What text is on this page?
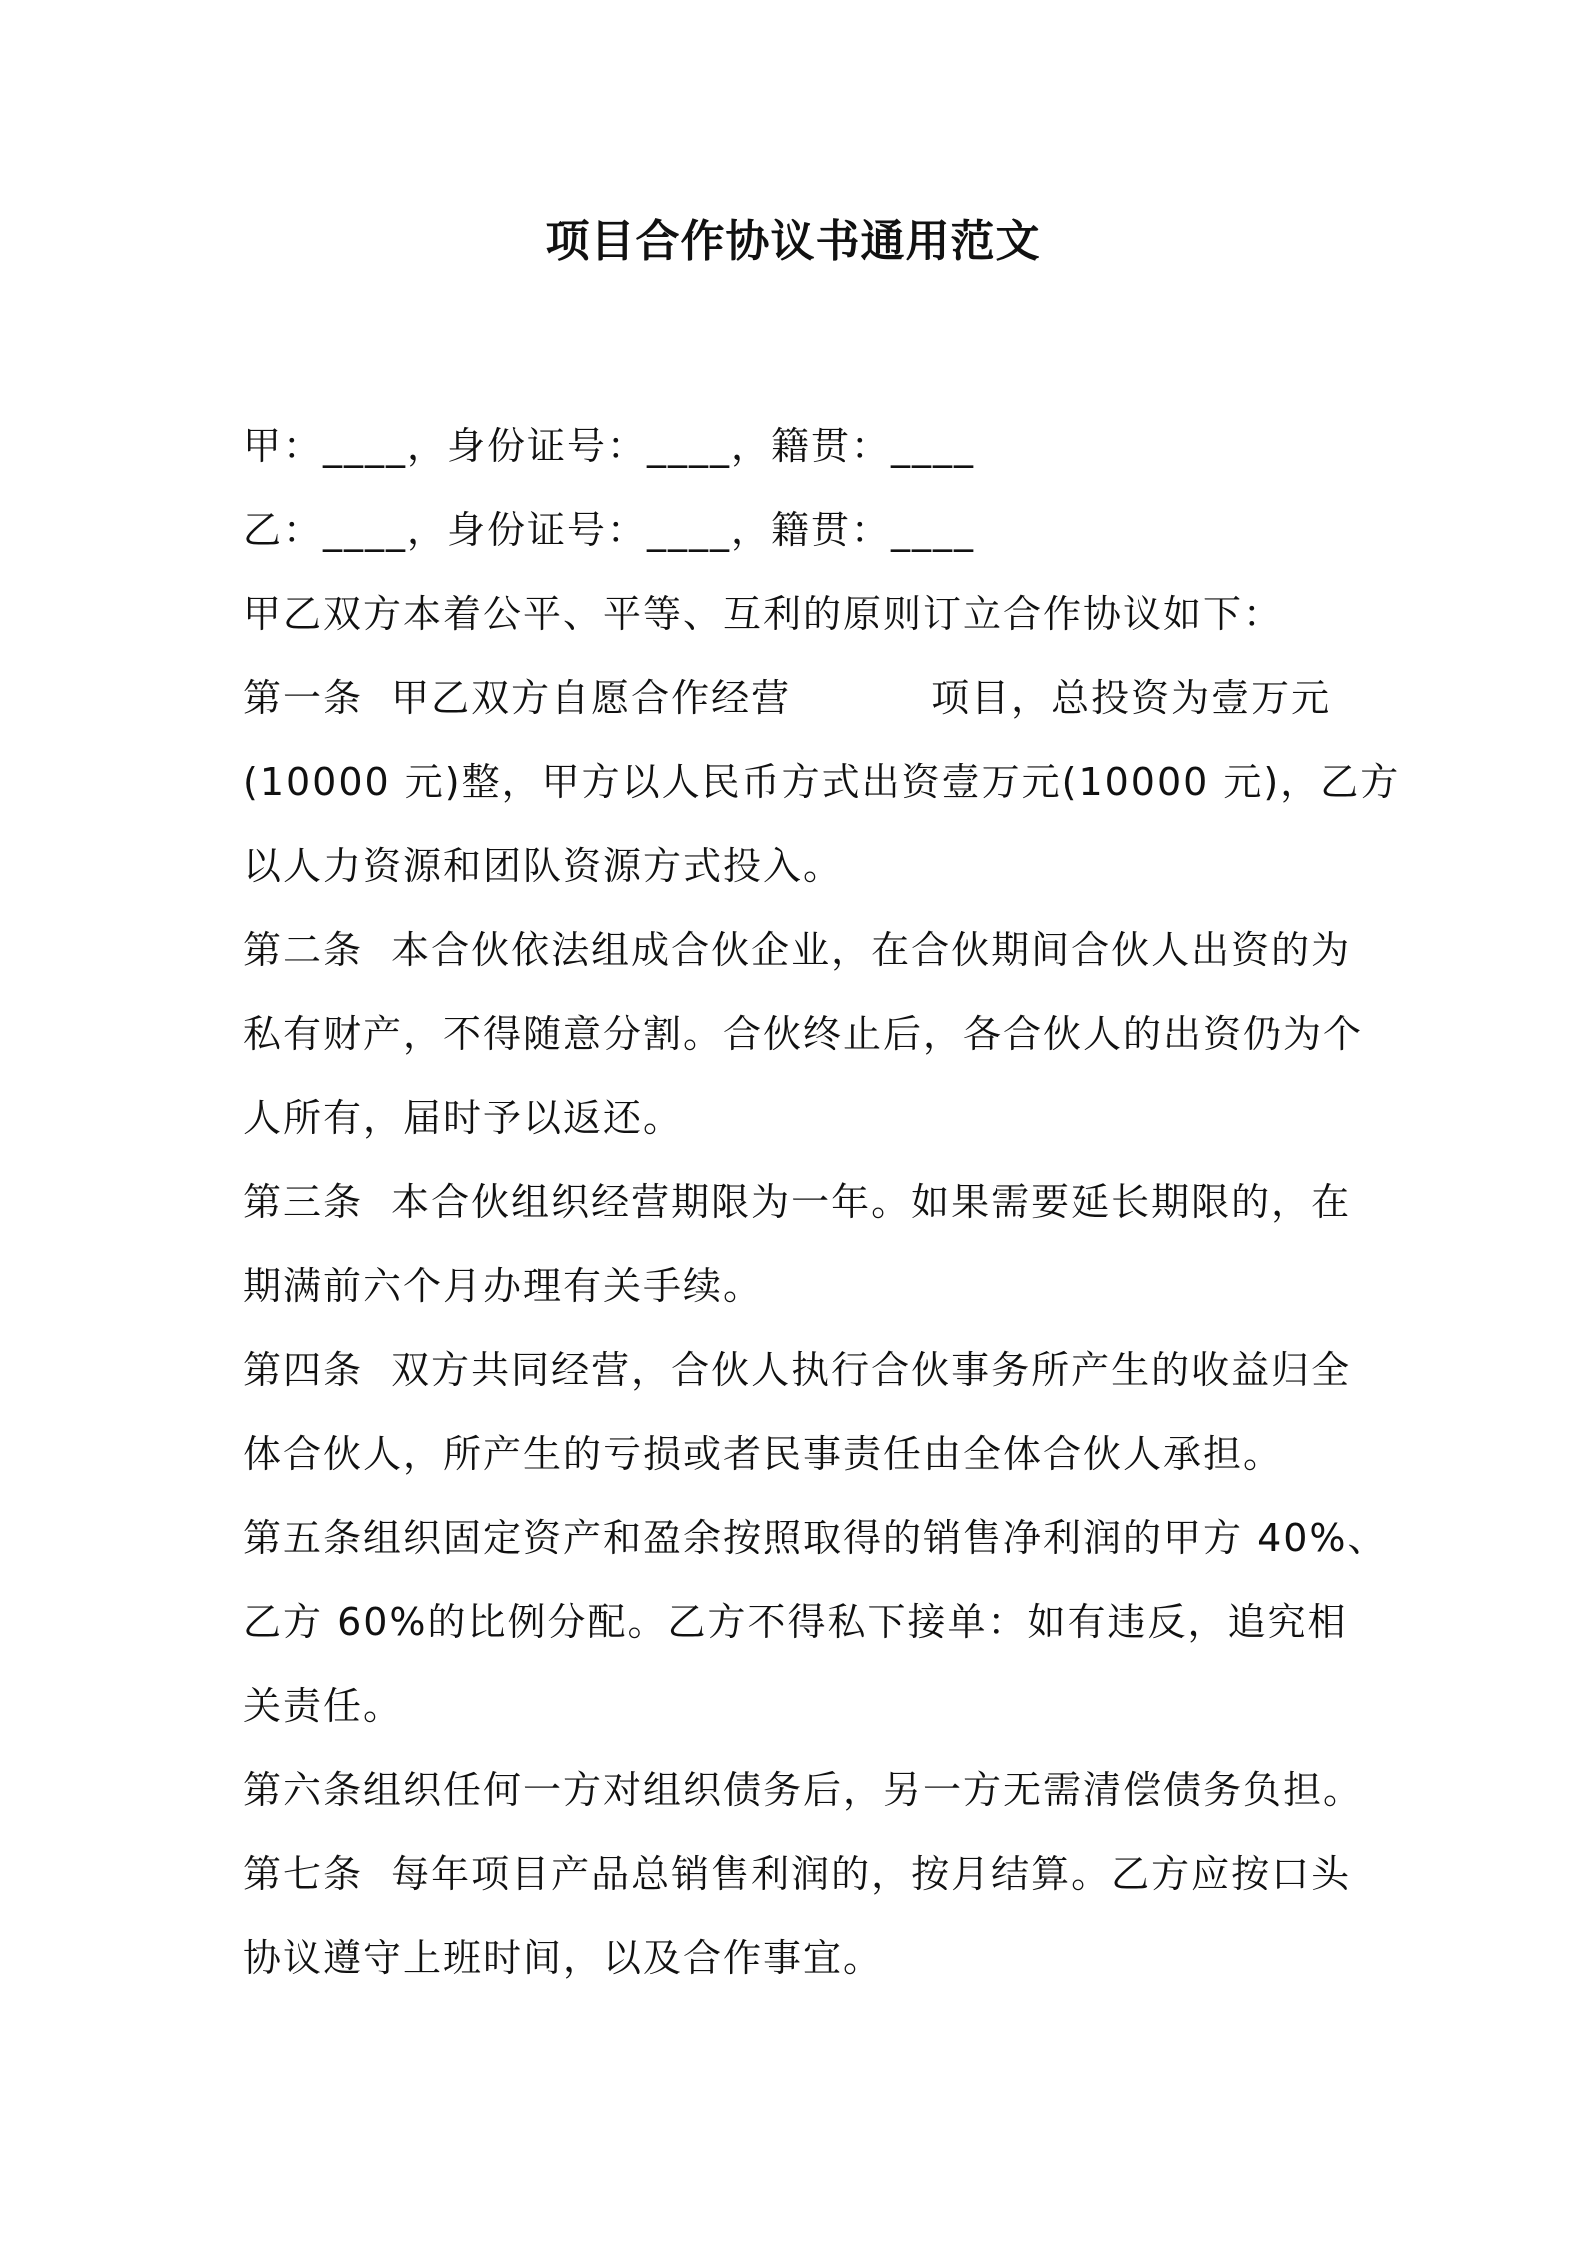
项目合作协议书通用范文
甲：____，身份证号：____，籍贯：____
乙：____，身份证号：____，籍贯：____
甲乙双方本着公平、平等、互利的原则订立合作协议如下：
第一条  甲乙双方自愿合作经营	项目，总投资为壹万元
(10000 元)整，甲方以人民币方式出资壹万元(10000 元)，乙方
以人力资源和团队资源方式投入。
第二条  本合伙依法组成合伙企业，在合伙期间合伙人出资的为
私有财产，不得随意分割。合伙终止后，各合伙人的出资仍为个
人所有，届时予以返还。
第三条  本合伙组织经营期限为一年。如果需要延长期限的，在
期满前六个月办理有关手续。
第四条  双方共同经营，合伙人执行合伙事务所产生的收益归全
体合伙人，所产生的亏损或者民事责任由全体合伙人承担。
第五条组织固定资产和盈余按照取得的销售净利润的甲方 40%、
乙方 60%的比例分配。乙方不得私下接单：如有违反，追究相
关责任。
第六条组织任何一方对组织债务后，另一方无需清偿债务负担。
第七条  每年项目产品总销售利润的，按月结算。乙方应按口头
协议遵守上班时间，以及合作事宜。
